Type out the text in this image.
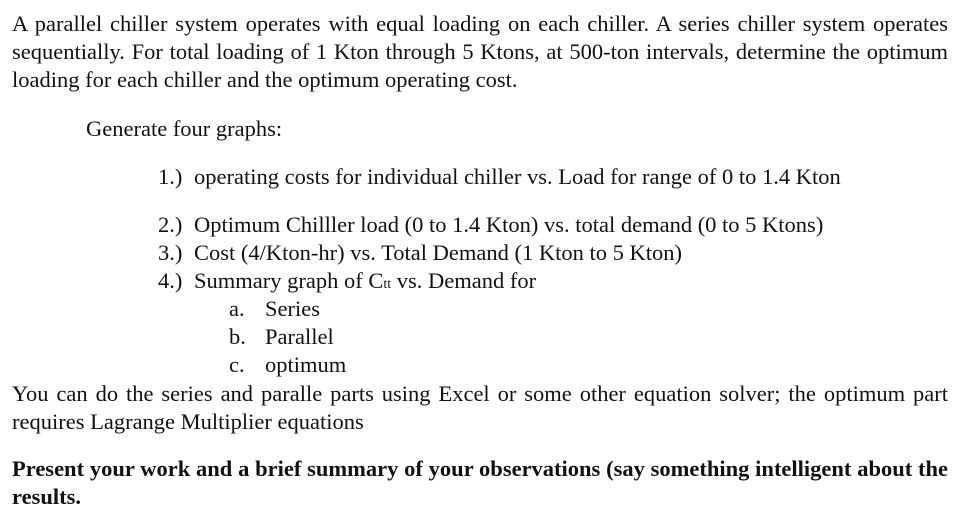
A parallel chiller system operates with equal loading on each chiller. A series chiller system operates sequentially. For total loading of 1 Kton through 5 Ktons, at 500-ton intervals, determine the optimum loading for each chiller and the optimum operating cost.
Generate four graphs:
1.) operating costs for individual chiller vs. Load for range of 0 to 1.4 Kton
2.) Optimum Chilller load (0 to 1.4 Kton) vs. total demand (0 to 5 Ktons)
3.) Cost (4/Kton-hr) vs. Total Demand (1 Kton to 5 Kton)
4.) Summary graph of Ctt vs. Demand for
a. Series
b. Parallel
c. optimum
You can do the series and paralle parts using Excel or some other equation solver; the optimum part requires Lagrange Multiplier equations
Present your work and a brief summary of your observations (say something intelligent about the results.
